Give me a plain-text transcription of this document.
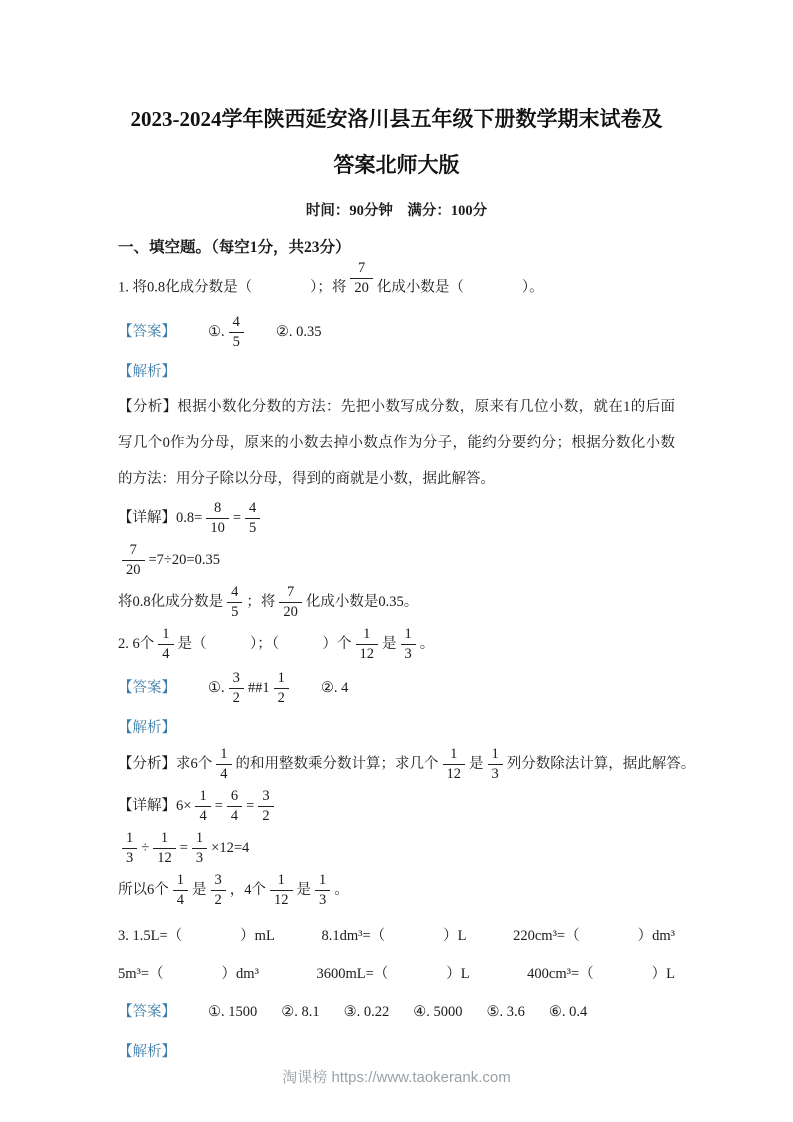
2023-2024学年陕西延安洛川县五年级下册数学期末试卷及
答案北师大版
时间：90分钟　满分：100分
一、填空题。（每空1分，共23分）
1. 将0.8化成分数是（　　　　）；将 $\frac{7}{20}$ 化成小数是（　　　　）。
【答案】 ①. $\frac{4}{5}$ ②. 0.35
【解析】
【分析】根据小数化分数的方法：先把小数写成分数，原来有几位小数，就在1的后面写几个0作为分母，原来的小数去掉小数点作为分子，能约分要约分；根据分数化小数的方法：用分子除以分母，得到的商就是小数，据此解答。
【详解】$0.8= \frac{8}{10} = \frac{4}{5}$
$\frac{7}{20} =7\div 20=0.35$
将0.8化成分数是 $\frac{4}{5}$ ；将 $\frac{7}{20}$ 化成小数是0.35。
2. 6个 $\frac{1}{4}$ 是（　　　）；（　　　）个 $\frac{1}{12}$ 是 $\frac{1}{3}$ 。
【答案】 ①. $\frac{3}{2}$ ##1 $\frac{1}{2}$ ②. 4
【解析】
【分析】求6个 $\frac{1}{4}$ 的和用整数乘分数计算；求几个 $\frac{1}{12}$ 是 $\frac{1}{3}$ 列分数除法计算，据此解答。
【详解】$6\times \frac{1}{4} = \frac{6}{4} = \frac{3}{2}$
$\frac{1}{3} \div \frac{1}{12} = \frac{1}{3} \times 12=4$
所以6个 $\frac{1}{4}$ 是 $\frac{3}{2}$ ，4个 $\frac{1}{12}$ 是 $\frac{1}{3}$ 。
3. 1.5L=（　　　　）mL	8.1dm³=（　　　　）L	220cm³=（　　　　）dm³
5m³=（　　　　）dm³	3600mL=（　　　　）L	400cm³=（　　　　）L
【答案】 ①. 1500 ②. 8.1 ③. 0.22 ④. 5000 ⑤. 3.6 ⑥. 0.4
【解析】
淘课榜 https://www.taokerank.com
